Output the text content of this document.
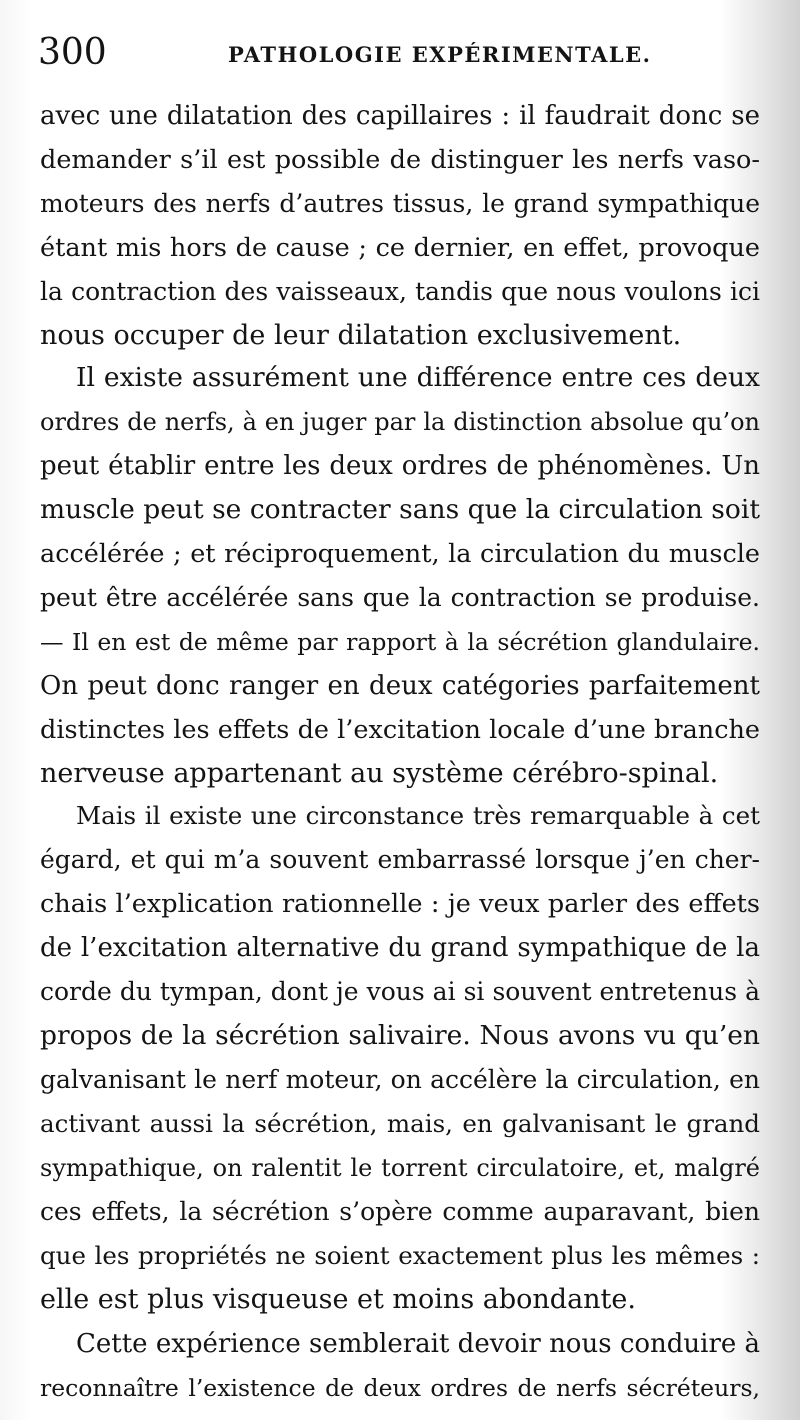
300	PATHOLOGIE EXPÉRIMENTALE.
avec une dilatation des capillaires : il faudrait donc se
demander s’il est possible de distinguer les nerfs vaso-
moteurs des nerfs d’autres tissus, le grand sympathique
étant mis hors de cause ; ce dernier, en effet, provoque
la contraction des vaisseaux, tandis que nous voulons ici
nous occuper de leur dilatation exclusivement.
Il existe assurément une différence entre ces deux
ordres de nerfs, à en juger par la distinction absolue qu’on
peut établir entre les deux ordres de phénomènes. Un
muscle peut se contracter sans que la circulation soit
accélérée ; et réciproquement, la circulation du muscle
peut être accélérée sans que la contraction se produise.
— Il en est de même par rapport à la sécrétion glandulaire.
On peut donc ranger en deux catégories parfaitement
distinctes les effets de l’excitation locale d’une branche
nerveuse appartenant au système cérébro-spinal.
Mais il existe une circonstance très remarquable à cet
égard, et qui m’a souvent embarrassé lorsque j’en cher-
chais l’explication rationnelle : je veux parler des effets
de l’excitation alternative du grand sympathique de la
corde du tympan, dont je vous ai si souvent entretenus à
propos de la sécrétion salivaire. Nous avons vu qu’en
galvanisant le nerf moteur, on accélère la circulation, en
activant aussi la sécrétion, mais, en galvanisant le grand
sympathique, on ralentit le torrent circulatoire, et, malgré
ces effets, la sécrétion s’opère comme auparavant, bien
que les propriétés ne soient exactement plus les mêmes :
elle est plus visqueuse et moins abondante.
Cette expérience semblerait devoir nous conduire à
reconnaître l’existence de deux ordres de nerfs sécréteurs,
